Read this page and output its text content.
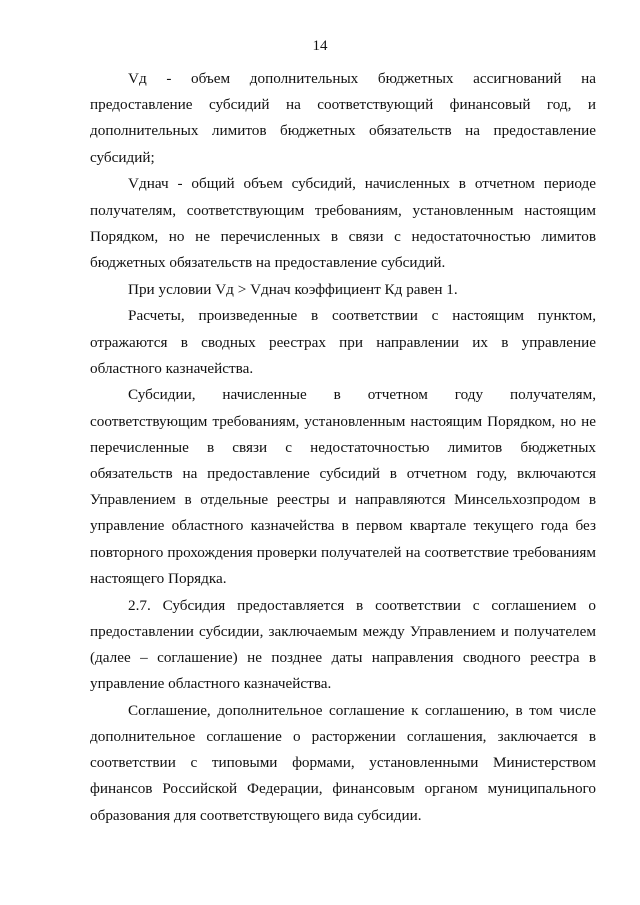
14

Vд - объем дополнительных бюджетных ассигнований на предоставление субсидий на соответствующий финансовый год, и дополнительных лимитов бюджетных обязательств на предоставление субсидий;

Vднач - общий объем субсидий, начисленных в отчетном периоде получателям, соответствующим требованиям, установленным настоящим Порядком, но не перечисленных в связи с недостаточностью лимитов бюджетных обязательств на предоставление субсидий.

При условии Vд > Vднач коэффициент Кд равен 1.

Расчеты, произведенные в соответствии с настоящим пунктом, отражаются в сводных реестрах при направлении их в управление областного казначейства.

Субсидии, начисленные в отчетном году получателям, соответствующим требованиям, установленным настоящим Порядком, но не перечисленные в связи с недостаточностью лимитов бюджетных обязательств на предоставление субсидий в отчетном году, включаются Управлением в отдельные реестры и направляются Минсельхозпродом в управление областного казначейства в первом квартале текущего года без повторного прохождения проверки получателей на соответствие требованиям настоящего Порядка.

2.7. Субсидия предоставляется в соответствии с соглашением о предоставлении субсидии, заключаемым между Управлением и получателем (далее – соглашение) не позднее даты направления сводного реестра в управление областного казначейства.

Соглашение, дополнительное соглашение к соглашению, в том числе дополнительное соглашение о расторжении соглашения, заключается в соответствии с типовыми формами, установленными Министерством финансов Российской Федерации, финансовым органом муниципального образования для соответствующего вида субсидии.
